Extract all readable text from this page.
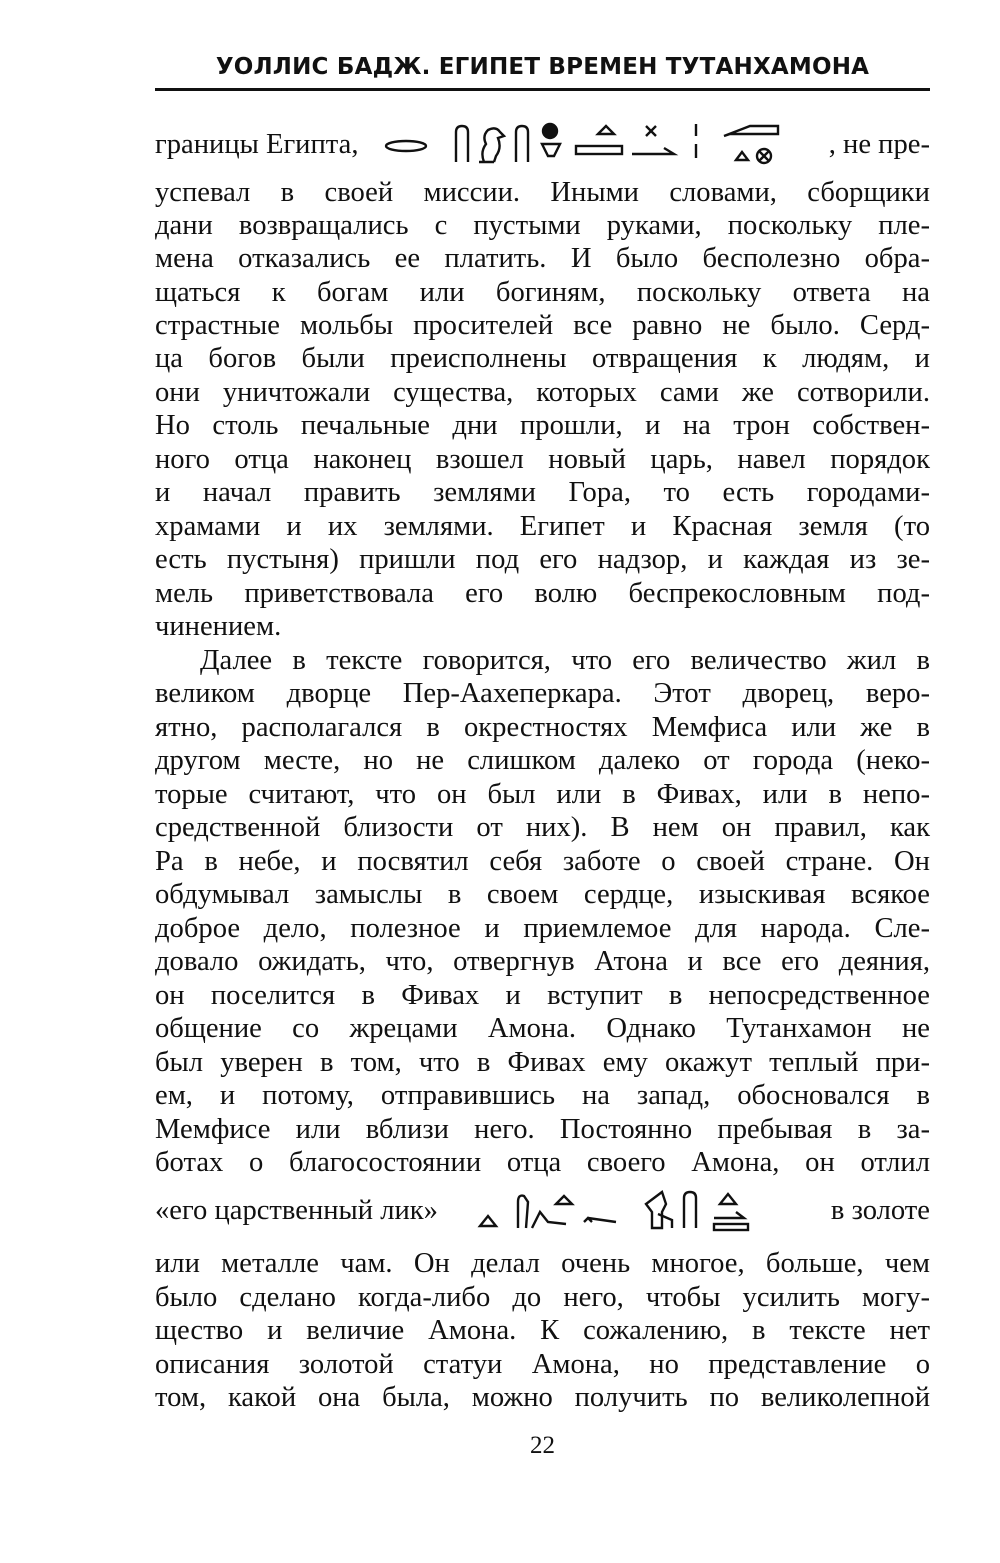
УОЛЛИС БАДЖ. ЕГИПЕТ ВРЕМЕН ТУТАНХАМОНА
границы Египта,	, не пре-
успевал в своей миссии. Иными словами, сборщики
дани возвращались с пустыми руками, поскольку пле-
мена отказались ее платить. И было бесполезно обра-
щаться к богам или богиням, поскольку ответа на
страстные мольбы просителей все равно не было. Серд-
ца богов были преисполнены отвращения к людям, и
они уничтожали существа, которых сами же сотворили.
Но столь печальные дни прошли, и на трон собствен-
ного отца наконец взошел новый царь, навел порядок
и начал править землями Гора, то есть городами-
храмами и их землями. Египет и Красная земля (то
есть пустыня) пришли под его надзор, и каждая из зе-
мель приветствовала его волю беспрекословным под-
чинением.
Далее в тексте говорится, что его величество жил в
великом дворце Пер-Аахеперкара. Этот дворец, веро-
ятно, располагался в окрестностях Мемфиса или же в
другом месте, но не слишком далеко от города (неко-
торые считают, что он был или в Фивах, или в непо-
средственной близости от них). В нем он правил, как
Ра в небе, и посвятил себя заботе о своей стране. Он
обдумывал замыслы в своем сердце, изыскивая всякое
доброе дело, полезное и приемлемое для народа. Сле-
довало ожидать, что, отвергнув Атона и все его деяния,
он поселится в Фивах и вступит в непосредственное
общение со жрецами Амона. Однако Тутанхамон не
был уверен в том, что в Фивах ему окажут теплый при-
ем, и потому, отправившись на запад, обосновался в
Мемфисе или вблизи него. Постоянно пребывая в за-
ботах о благосостоянии отца своего Амона, он отлил
«его царственный лик»	в золоте
или металле чам. Он делал очень многое, больше, чем
было сделано когда-либо до него, чтобы усилить могу-
щество и величие Амона. К сожалению, в тексте нет
описания золотой статуи Амона, но представление о
том, какой она была, можно получить по великолепной
22
